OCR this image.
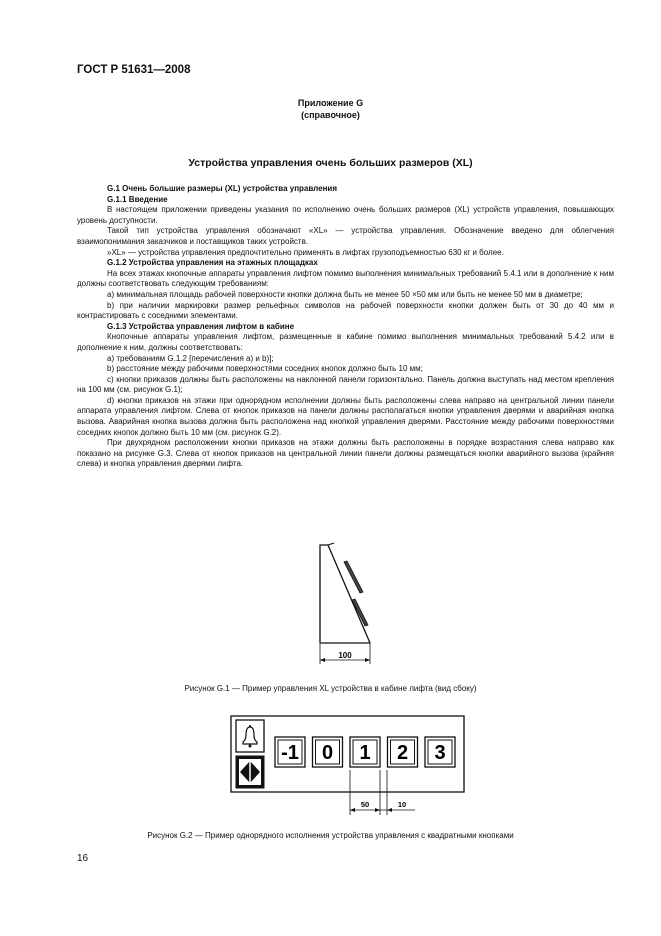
ГОСТ Р 51631—2008
Приложение G
(справочное)
Устройства управления очень больших размеров (XL)

G.1 Очень большие размеры (XL) устройства управления

G.1.1 Введение

В настоящем приложении приведены указания по исполнению очень больших размеров (XL) устройств управления, повышающих уровень доступности.

Такой тип устройства управления обозначают «XL» — устройства управления. Обозначение введено для облегчения взаимопонимания заказчиков и поставщиков таких устройств.

»XL» — устройства управления предпочтительно применять в лифтах грузоподъемностью 630 кг и более.

G.1.2 Устройства управления на этажных площадках

На всех этажах кнопочные аппараты управления лифтом помимо выполнения минимальных требований 5.4.1 или в дополнение к ним должны соответствовать следующим требованиям:

a) минимальная площадь рабочей поверхности кнопки должна быть не менее 50 ×50 мм или быть не менее 50 мм в диаметре;

b) при наличии маркировки размер рельефных символов на рабочей поверхности кнопки должен быть от 30 до 40 мм и контрастировать с соседними элементами.

G.1.3 Устройства управления лифтом в кабине

Кнопочные аппараты управления лифтом, размещенные в кабине помимо выполнения минимальных требований 5.4.2 или в дополнение к ним, должны соответствовать:

a) требованиям G.1.2 [перечисления a) и b)];

b) расстояние между рабочими поверхностями соседних кнопок должно быть 10 мм;

c) кнопки приказов должны быть расположены на наклонной панели горизонтально. Панель должна выступать над местом крепления на 100 мм (см. рисунок G.1);

d) кнопки приказов на этажи при однорядном исполнении должны быть расположены слева направо на центральной линии панели аппарата управления лифтом. Слева от кнопок приказов на панели должны располагаться кнопки управления дверями и аварийная кнопка вызова. Аварийная кнопка вызова должна быть расположена над кнопкой управления дверями. Расстояние между рабочими поверхностями соседних кнопок должно быть 10 мм (см. рисунок G.2).

При двухрядном расположении кнопки приказов на этажи должны быть расположены в порядке возрастания слева направо как показано на рисунке G.3. Слева от кнопок приказов на центральной линии панели должны размещаться кнопки аварийного вызова (крайняя слева) и кнопка управления дверями лифта.

100
Рисунок G.1 — Пример управления XL устройства в кабине лифта (вид сбоку)
-1 0 1 2 3
50	10
Рисунок G.2 — Пример однорядного исполнения устройства управления с квадратными кнопками
16
